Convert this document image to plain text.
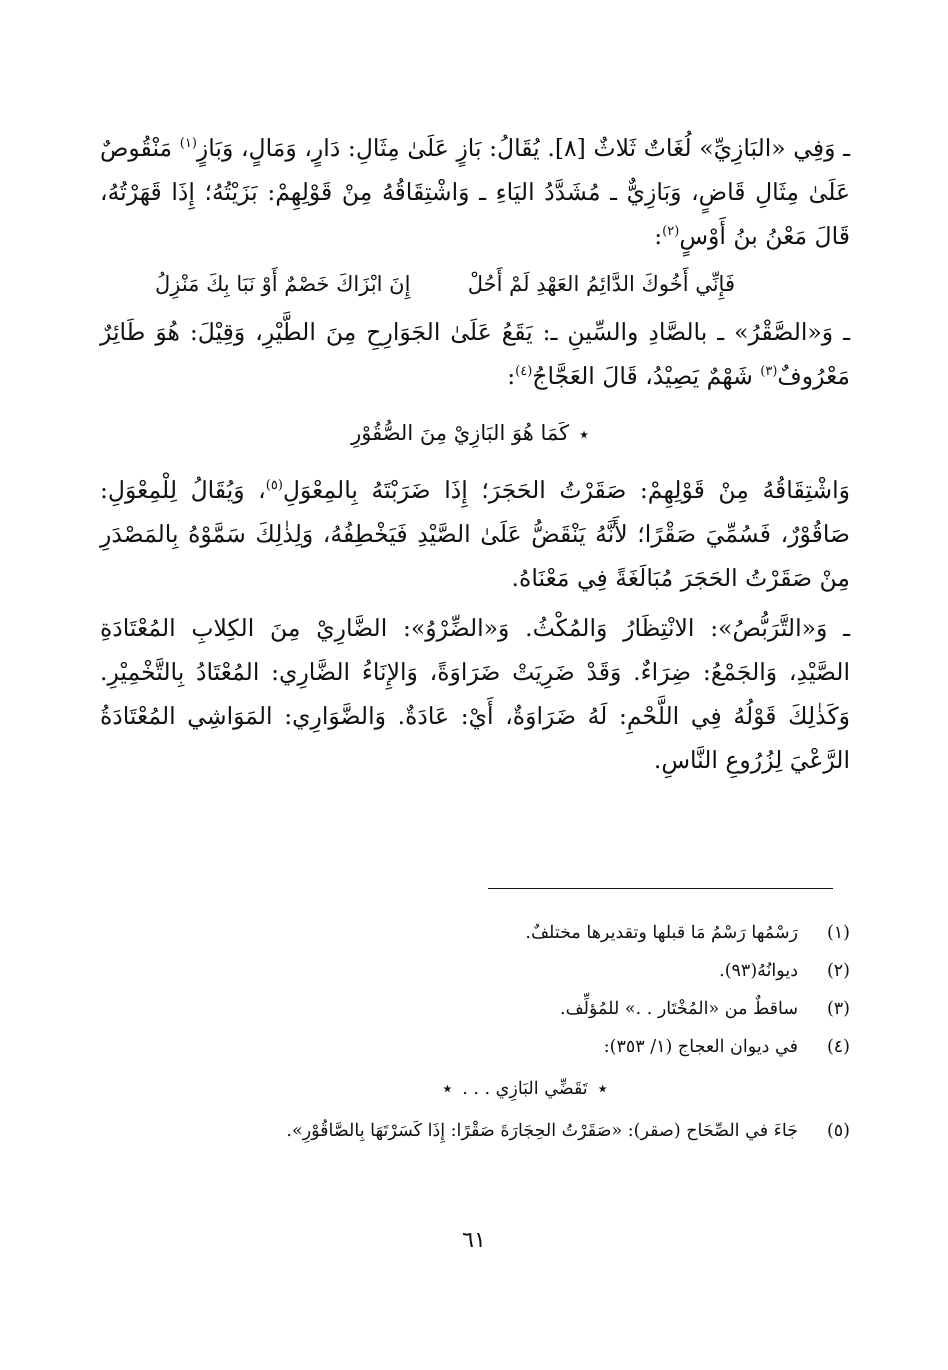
ـ وَفِي «البَازِيِّ» لُغَاتٌ ثَلاثٌ [٨]. يُقَالُ: بَازٍ عَلَىٰ مِثَالِ: دَارٍ، وَمَالٍ، وَبَازٍ$^{(١)}$ مَنْقُوصٌ عَلَىٰ مِثَالِ قَاضٍ، وَبَازِيٌّ ـ مُشَدَّدُ اليَاءِ ـ وَاشْتِقَاقُهُ مِنْ قَوْلِهِمْ: بَزَيْتُهُ؛ إِذَا قَهَرْتُهُ، قَالَ مَعْنُ بنُ أَوْسٍ$^{(٢)}$:

فَإِنِّي أَخُوكَ الدَّائِمُ العَهْدِ لَمْ أَحُلْ
إِنَ ابْزَاكَ خَصْمٌ أَوْ نَبَا بِكَ مَنْزِلُ

ـ وَ«الصَّقْرُ» ـ بالصَّادِ والسِّينِ ـ: يَقَعُ عَلَىٰ الجَوَارِحِ مِنَ الطَّيْرِ، وَقِيْلَ: هُوَ طَائِرٌ مَعْرُوفٌ$^{(٣)}$ شَهْمٌ يَصِيْدُ، قَالَ العَجَّاجُ$^{(٤)}$:

٭كَمَا هُوَ البَازِيْ مِنَ الصُّقُوْرِ

وَاشْتِقَاقُهُ مِنْ قَوْلِهِمْ: صَقَرْتُ الحَجَرَ؛ إِذَا ضَرَبْتَهُ بِالمِعْوَلِ$^{(٥)}$، وَيُقَالُ لِلْمِعْوَلِ: صَاقُوْرٌ، فَسُمِّيَ صَقْرًا؛ لأَنَّهُ يَنْقَضُّ عَلَىٰ الصَّيْدِ فَيَخْطِفُهُ، وَلِذٰلِكَ سَمَّوْهُ بِالمَصْدَرِ مِنْ صَقَرْتُ الحَجَرَ مُبَالَغَةً فِي مَعْنَاهُ.

ـ وَ«التَّرَبُّصُ»: الانْتِظَارُ وَالمُكْثُ. وَ«الضِّرْوُ»: الضَّارِيْ مِنَ الكِلابِ المُعْتَادَةِ الصَّيْدِ، وَالجَمْعُ: ضِرَاءٌ. وَقَدْ ضَرِيَتْ ضَرَاوَةً، وَالإِنَاءُ الضَّارِي: المُعْتَادُ بِالتَّخْمِيْرِ. وَكَذٰلِكَ قَوْلُهُ فِي اللَّحْمِ: لَهُ ضَرَاوَةٌ، أَيْ: عَادَةٌ. وَالضَّوَارِي: المَوَاشِي المُعْتَادَةُ الرَّعْيَ لِزُرُوعِ النَّاسِ.

(١)
رَسْمُها رَسْمُ مَا قبلها وتقديرها مختلفٌ.
(٢)
ديوانُهُ(٩٣).
(٣)
ساقطٌ من «المُخْتَار . .» للمُؤلِّف.
(٤)
في ديوان العجاج (١/ ٣٥٣):
٭تَقَضِّي البَازِي . . .٭
(٥)
جَاءَ في الصِّحَاح (صقر): «صَقَرْتُ الحِجَارَةَ صَقْرًا: إِذَا كَسَرْتَهَا بِالصَّاقُوْرِ».
٦١
